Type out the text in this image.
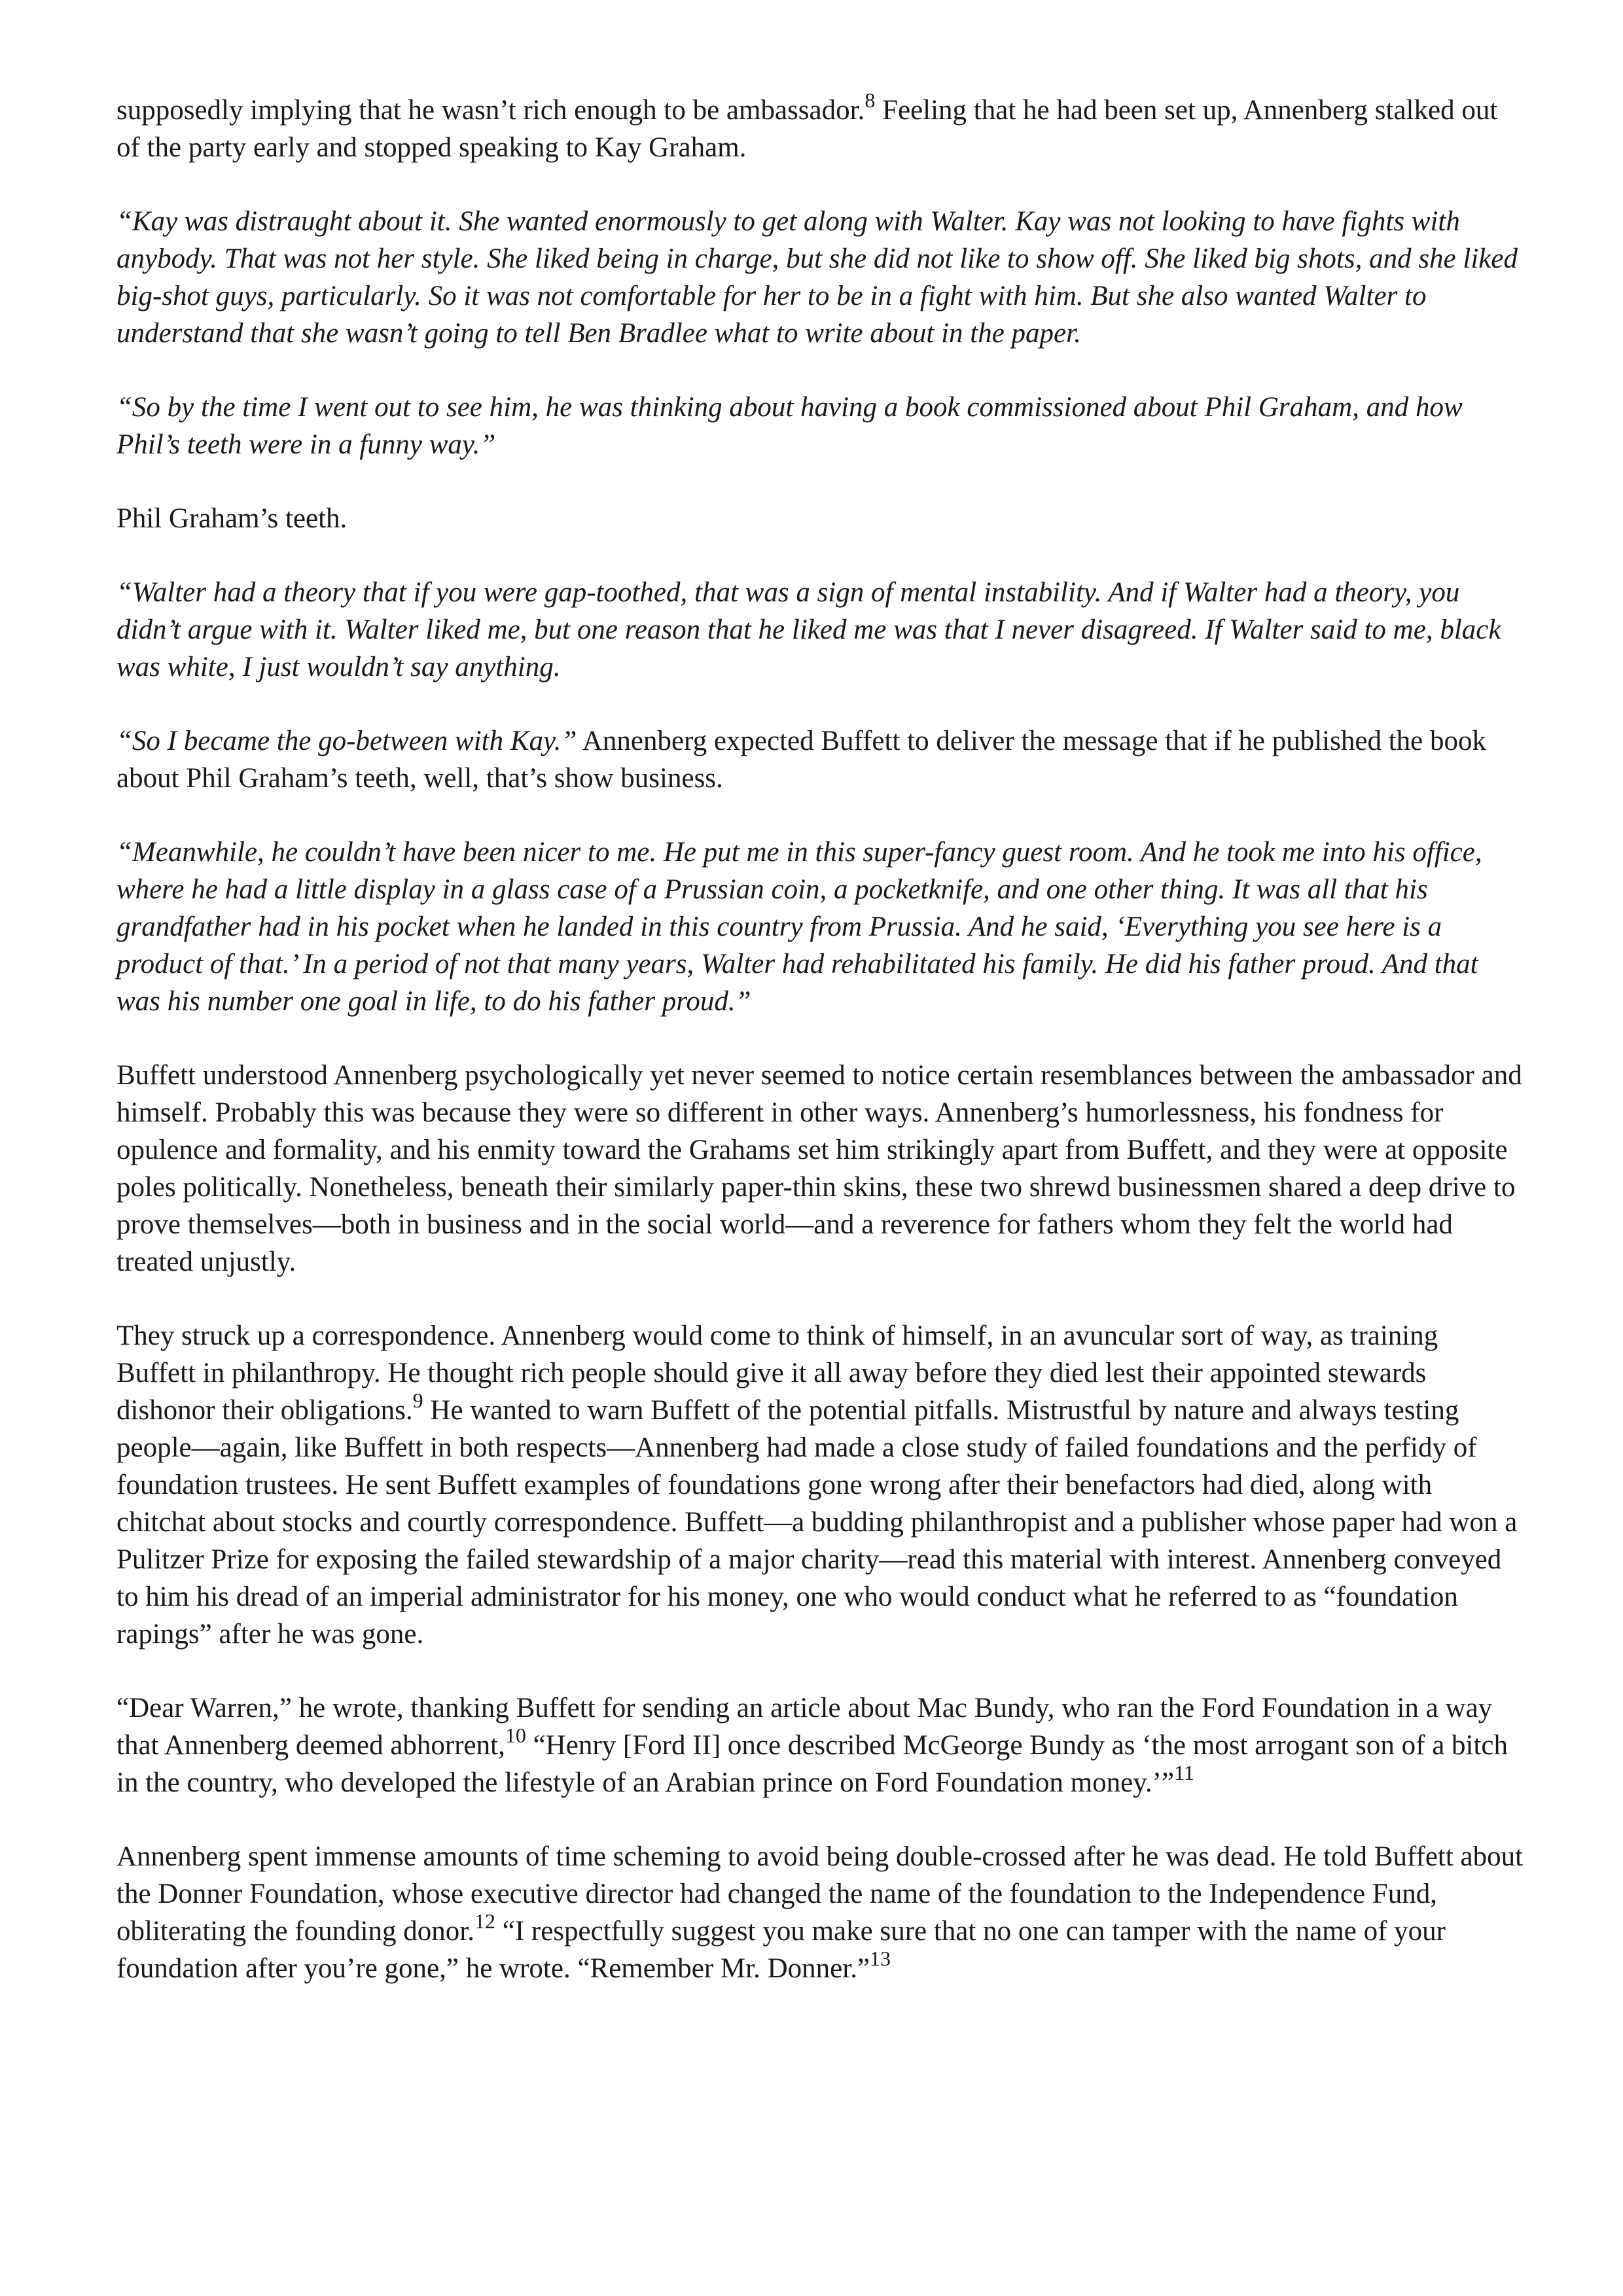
supposedly implying that he wasn’t rich enough to be ambassador.$^8$ Feeling that he had been set up, Annenberg stalked out of the party early and stopped speaking to Kay Graham.

“Kay was distraught about it. She wanted enormously to get along with Walter. Kay was not looking to have fights with anybody. That was not her style. She liked being in charge, but she did not like to show off. She liked big shots, and she liked big-shot guys, particularly. So it was not comfortable for her to be in a fight with him. But she also wanted Walter to understand that she wasn’t going to tell Ben Bradlee what to write about in the paper.

“So by the time I went out to see him, he was thinking about having a book commissioned about Phil Graham, and how Phil’s teeth were in a funny way.”

Phil Graham’s teeth.

“Walter had a theory that if you were gap-toothed, that was a sign of mental instability. And if Walter had a theory, you didn’t argue with it. Walter liked me, but one reason that he liked me was that I never disagreed. If Walter said to me, black was white, I just wouldn’t say anything.

“So I became the go-between with Kay.” Annenberg expected Buffett to deliver the message that if he published the book about Phil Graham’s teeth, well, that’s show business.

“Meanwhile, he couldn’t have been nicer to me. He put me in this super-fancy guest room. And he took me into his office, where he had a little display in a glass case of a Prussian coin, a pocketknife, and one other thing. It was all that his grandfather had in his pocket when he landed in this country from Prussia. And he said, ‘Everything you see here is a product of that.’ In a period of not that many years, Walter had rehabilitated his family. He did his father proud. And that was his number one goal in life, to do his father proud.”

Buffett understood Annenberg psychologically yet never seemed to notice certain resemblances between the ambassador and himself. Probably this was because they were so different in other ways. Annenberg’s humorlessness, his fondness for opulence and formality, and his enmity toward the Grahams set him strikingly apart from Buffett, and they were at opposite poles politically. Nonetheless, beneath their similarly paper-thin skins, these two shrewd businessmen shared a deep drive to prove themselves—both in business and in the social world—and a reverence for fathers whom they felt the world had treated unjustly.

They struck up a correspondence. Annenberg would come to think of himself, in an avuncular sort of way, as training Buffett in philanthropy. He thought rich people should give it all away before they died lest their appointed stewards dishonor their obligations.$^9$ He wanted to warn Buffett of the potential pitfalls. Mistrustful by nature and always testing people—again, like Buffett in both respects—Annenberg had made a close study of failed foundations and the perfidy of foundation trustees. He sent Buffett examples of foundations gone wrong after their benefactors had died, along with chitchat about stocks and courtly correspondence. Buffett—a budding philanthropist and a publisher whose paper had won a Pulitzer Prize for exposing the failed stewardship of a major charity—read this material with interest. Annenberg conveyed to him his dread of an imperial administrator for his money, one who would conduct what he referred to as “foundation rapings” after he was gone.

“Dear Warren,” he wrote, thanking Buffett for sending an article about Mac Bundy, who ran the Ford Foundation in a way that Annenberg deemed abhorrent,$^{10}$ “Henry [Ford II] once described McGeorge Bundy as ‘the most arrogant son of a bitch in the country, who developed the lifestyle of an Arabian prince on Ford Foundation money.’”$^{11}$

Annenberg spent immense amounts of time scheming to avoid being double-crossed after he was dead. He told Buffett about the Donner Foundation, whose executive director had changed the name of the foundation to the Independence Fund, obliterating the founding donor.$^{12}$ “I respectfully suggest you make sure that no one can tamper with the name of your foundation after you’re gone,” he wrote. “Remember Mr. Donner.”$^{13}$
